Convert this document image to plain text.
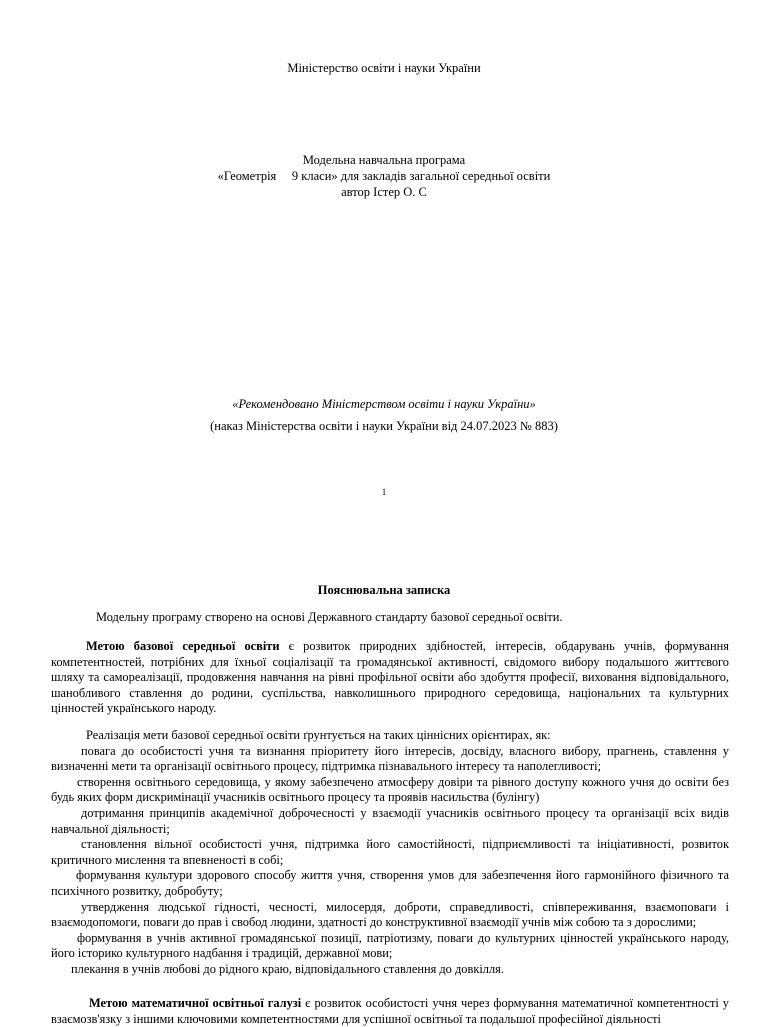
Міністерство освіти і науки України
Модельна навчальна програма
«Геометрія     9 класи» для закладів загальної середньої освіти
автор Істер О. С
«Рекомендовано Міністерством освіти і науки України»
(наказ Міністерства освіти і науки України від 24.07.2023 № 883)
1
Пояснювальна записка

Модельну програму створено на основі Державного стандарту базової середньої освіти.

Метою базової середньої освіти є розвиток природних здібностей, інтересів, обдарувань учнів, формування компетентностей, потрібних для їхньої соціалізації та громадянської активності, свідомого вибору подальшого життєвого шляху та самореалізації, продовження навчання на рівні профільної освіти або здобуття професії, виховання відповідального, шанобливого ставлення до родини, суспільства, навколишнього природного середовища, національних та культурних цінностей українського народу.

Реалізація мети базової середньої освіти ґрунтується на таких ціннісних орієнтирах, як:

повага до особистості учня та визнання пріоритету його інтересів, досвіду, власного вибору, прагнень, ставлення у визначенні мети та організації освітнього процесу, підтримка пізнавального інтересу та наполегливості;

створення освітнього середовища, у якому забезпечено атмосферу довіри та рівного доступу кожного учня до освіти без будь яких форм дискримінації учасників освітнього процесу та проявів насильства (булінгу)

дотримання принципів академічної доброчесності у взаємодії учасників освітнього процесу та організації всіх видів навчальної діяльності;

становлення вільної особистості учня, підтримка його самостійності, підприємливості та ініціативності, розвиток критичного мислення та впевненості в собі;

формування культури здорового способу життя учня, створення умов для забезпечення його гармонійного фізичного та психічного розвитку, добробуту;

утвердження людської гідності, чесності, милосердя, доброти, справедливості, співпереживання, взаємоповаги і взаємодопомоги, поваги до прав і свобод людини, здатності до конструктивної взаємодії учнів між собою та з дорослими;

формування в учнів активної громадянської позиції, патріотизму, поваги до культурних цінностей українського народу, його історико культурного надбання і традицій, державної мови;

плекання в учнів любові до рідного краю, відповідального ставлення до довкілля.

Метою математичної освітньої галузі є розвиток особистості учня через формування математичної компетентності у взаємозв'язку з іншими ключовими компетентностями для успішної освітньої та подальшої професійної діяльності
